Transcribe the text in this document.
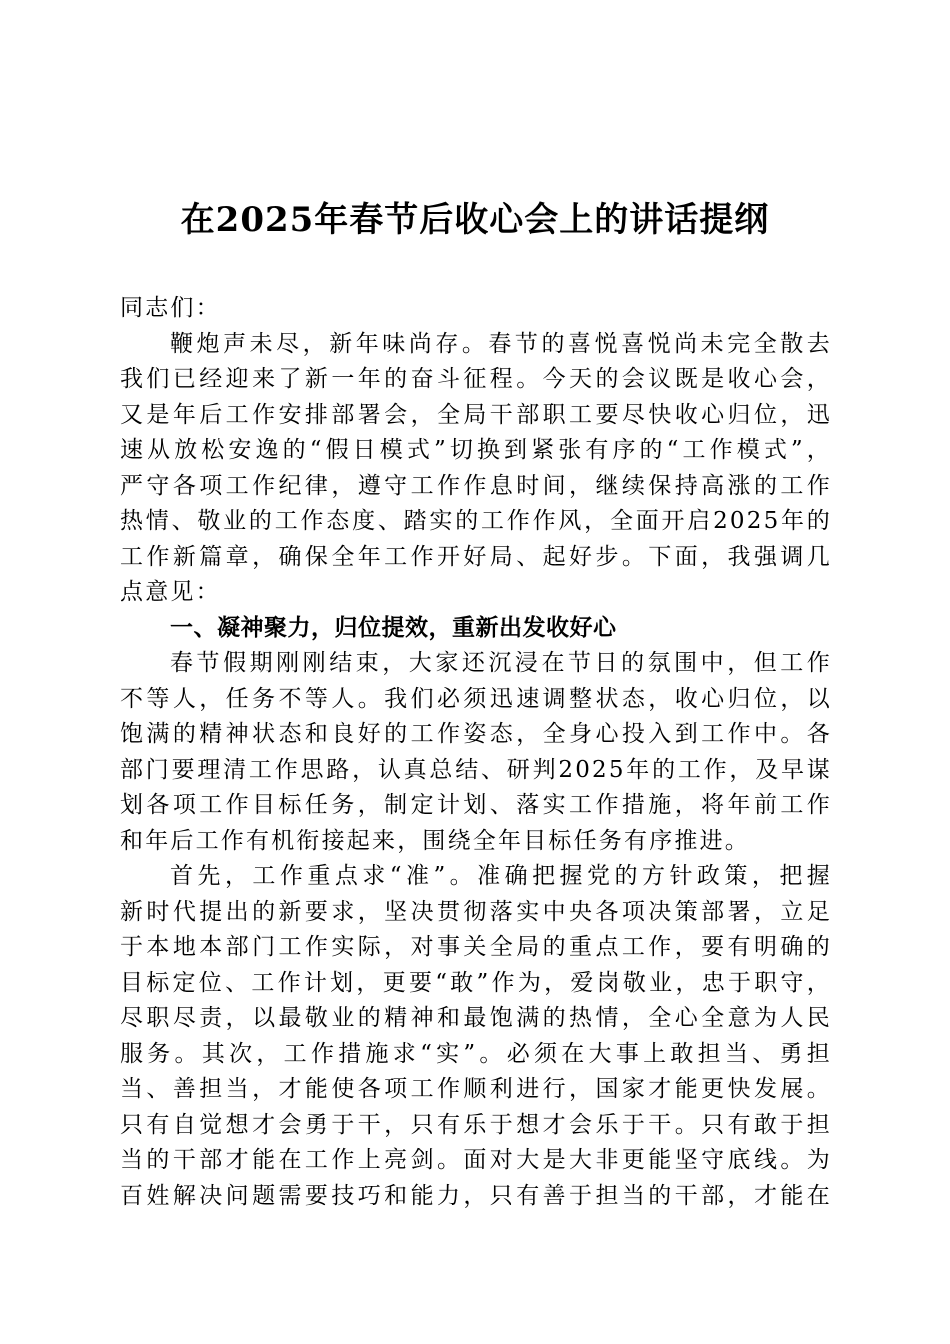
在2025年春节后收心会上的讲话提纲

同志们：

鞭炮声未尽，新年味尚存。春节的喜悦喜悦尚未完全散去

我们已经迎来了新一年的奋斗征程。今天的会议既是收心会，

又是年后工作安排部署会，全局干部职工要尽快收心归位，迅

速从放松安逸的“假日模式”切换到紧张有序的“工作模式”，

严守各项工作纪律，遵守工作作息时间，继续保持高涨的工作

热情、敬业的工作态度、踏实的工作作风，全面开启2025年的

工作新篇章，确保全年工作开好局、起好步。下面，我强调几

点意见：

一、凝神聚力，归位提效，重新出发收好心

春节假期刚刚结束，大家还沉浸在节日的氛围中，但工作

不等人，任务不等人。我们必须迅速调整状态，收心归位，以

饱满的精神状态和良好的工作姿态，全身心投入到工作中。各

部门要理清工作思路，认真总结、研判2025年的工作，及早谋

划各项工作目标任务，制定计划、落实工作措施，将年前工作

和年后工作有机衔接起来，围绕全年目标任务有序推进。

首先，工作重点求“准”。准确把握党的方针政策，把握

新时代提出的新要求，坚决贯彻落实中央各项决策部署，立足

于本地本部门工作实际，对事关全局的重点工作，要有明确的

目标定位、工作计划，更要“敢”作为，爱岗敬业，忠于职守，

尽职尽责，以最敬业的精神和最饱满的热情，全心全意为人民

服务。其次，工作措施求“实”。必须在大事上敢担当、勇担

当、善担当，才能使各项工作顺利进行，国家才能更快发展。

只有自觉想才会勇于干，只有乐于想才会乐于干。只有敢于担

当的干部才能在工作上亮剑。面对大是大非更能坚守底线。为

百姓解决问题需要技巧和能力，只有善于担当的干部，才能在
